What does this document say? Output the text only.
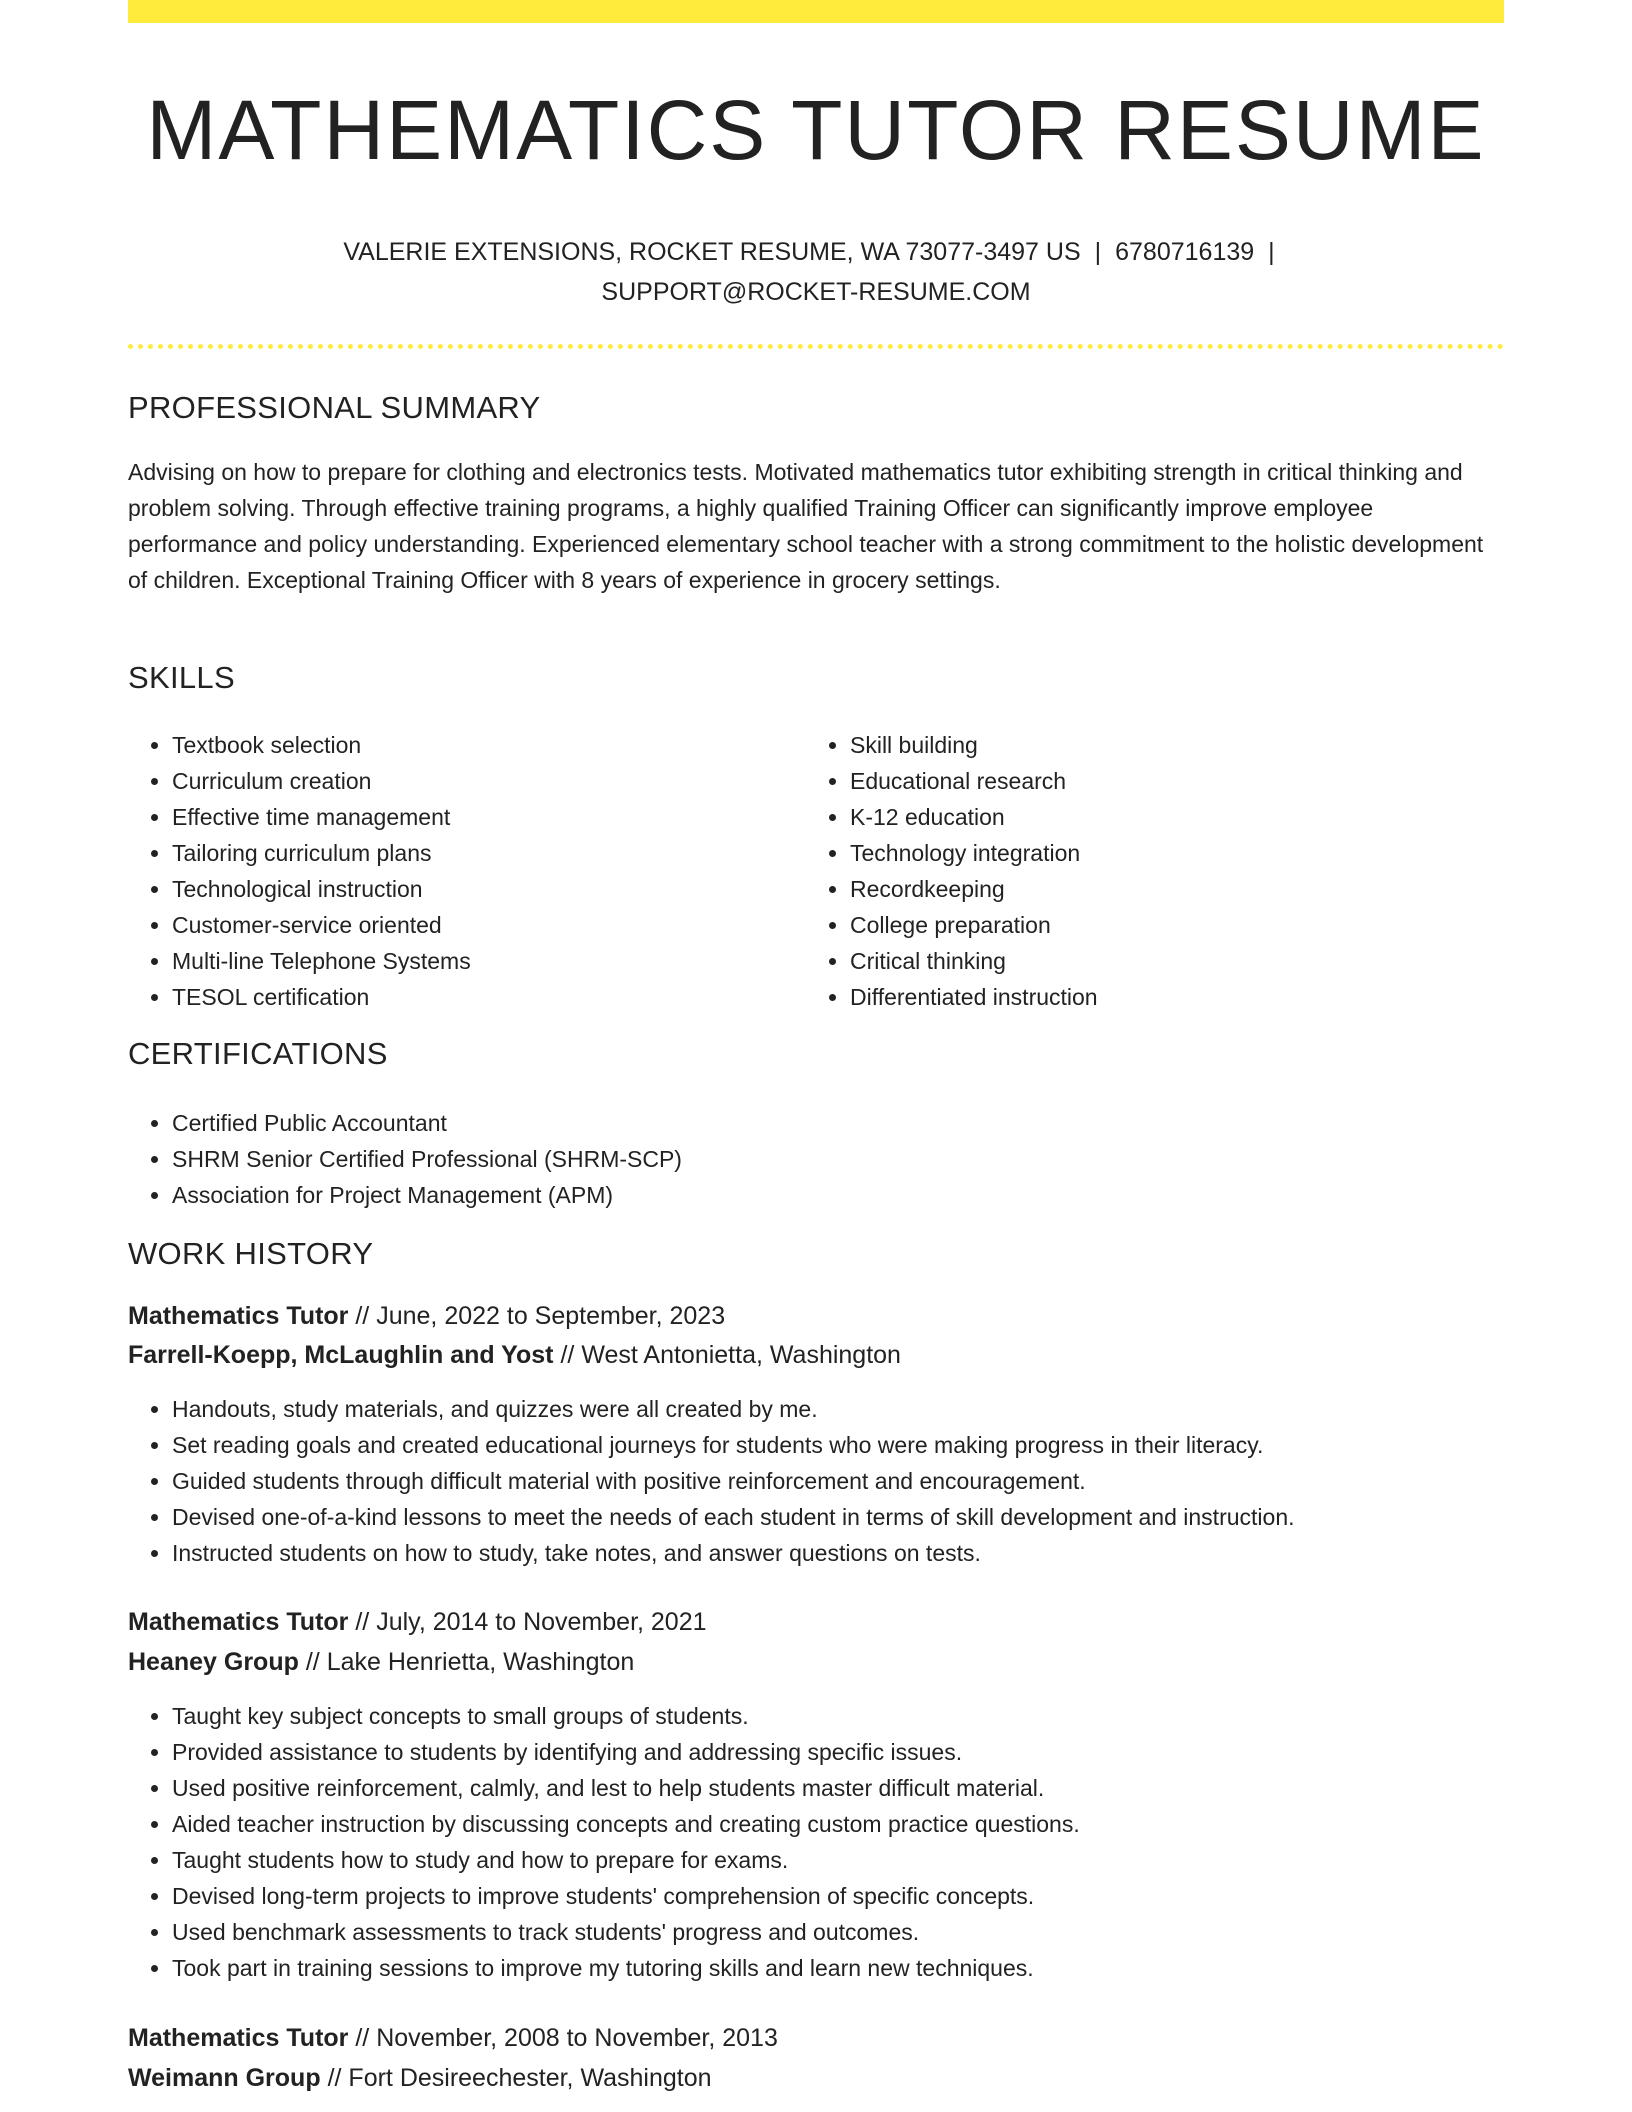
MATHEMATICS TUTOR RESUME

VALERIE EXTENSIONS, ROCKET RESUME, WA 73077-3497 US | 6780716139 |
SUPPORT@ROCKET-RESUME.COM

PROFESSIONAL SUMMARY

Advising on how to prepare for clothing and electronics tests. Motivated mathematics tutor exhibiting strength in critical thinking and problem solving. Through effective training programs, a highly qualified Training Officer can significantly improve employee performance and policy understanding. Experienced elementary school teacher with a strong commitment to the holistic development of children. Exceptional Training Officer with 8 years of experience in grocery settings.

SKILLS
• Textbook selection
• Curriculum creation
• Effective time management
• Tailoring curriculum plans
• Technological instruction
• Customer-service oriented
• Multi-line Telephone Systems
• TESOL certification
• Skill building
• Educational research
• K-12 education
• Technology integration
• Recordkeeping
• College preparation
• Critical thinking
• Differentiated instruction
CERTIFICATIONS
• Certified Public Accountant
• SHRM Senior Certified Professional (SHRM-SCP)
• Association for Project Management (APM)
WORK HISTORY
Mathematics Tutor // June, 2022 to September, 2023
Farrell-Koepp, McLaughlin and Yost // West Antonietta, Washington
• Handouts, study materials, and quizzes were all created by me.
• Set reading goals and created educational journeys for students who were making progress in their literacy.
• Guided students through difficult material with positive reinforcement and encouragement.
• Devised one-of-a-kind lessons to meet the needs of each student in terms of skill development and instruction.
• Instructed students on how to study, take notes, and answer questions on tests.
Mathematics Tutor // July, 2014 to November, 2021
Heaney Group // Lake Henrietta, Washington
• Taught key subject concepts to small groups of students.
• Provided assistance to students by identifying and addressing specific issues.
• Used positive reinforcement, calmly, and lest to help students master difficult material.
• Aided teacher instruction by discussing concepts and creating custom practice questions.
• Taught students how to study and how to prepare for exams.
• Devised long-term projects to improve students' comprehension of specific concepts.
• Used benchmark assessments to track students' progress and outcomes.
• Took part in training sessions to improve my tutoring skills and learn new techniques.
Mathematics Tutor // November, 2008 to November, 2013
Weimann Group // Fort Desireechester, Washington
